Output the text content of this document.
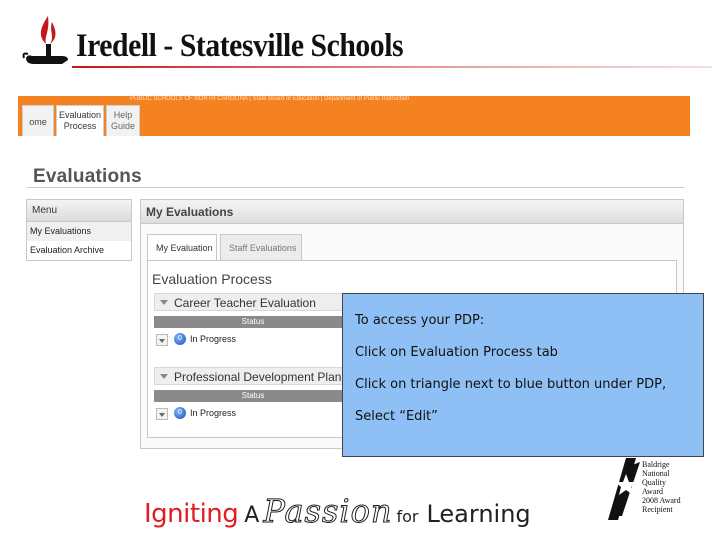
Iredell - Statesville Schools
PUBLIC SCHOOLS OF NORTH CAROLINA | State Board of Education | Department of Public Instruction
ome
Evaluation Process
Help Guide
Evaluations
Menu
My Evaluations
Evaluation Archive
My Evaluations
My Evaluation	Staff Evaluations
Evaluation Process
Career Teacher Evaluation
Status
0 In Progress
Professional Development Plan
Status
0 In Progress

To access your PDP:

Click on Evaluation Process tab

Click on triangle next to blue button under PDP,

Select “Edit”

Igniting A Passion for Learning
Baldrige
National
Quality
Award
2008 Award
Recipient
